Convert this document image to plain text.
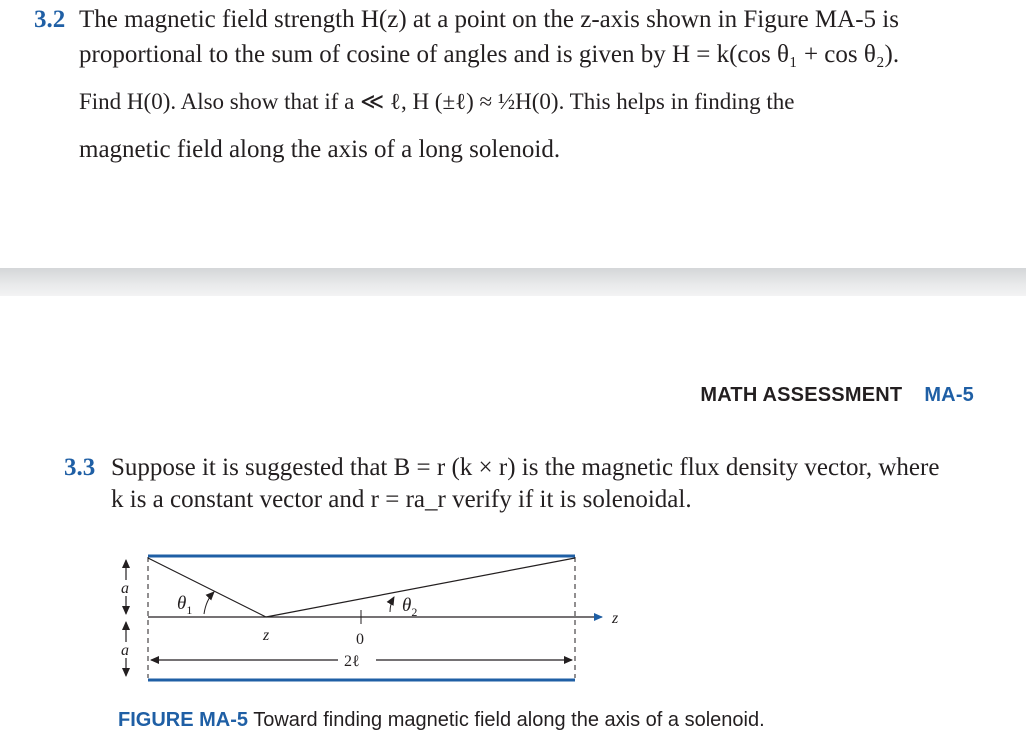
3.2 The magnetic field strength H(z) at a point on the z-axis shown in Figure MA-5 is
proportional to the sum of cosine of angles and is given by H = k(cos θ₁ + cos θ₂).
Find H(0). Also show that if a ≪ ℓ, H (±ℓ) ≈ ½H(0). This helps in finding the
magnetic field along the axis of a long solenoid.
MATH ASSESSMENT MA-5
3.3 Suppose it is suggested that B = r (k × r) is the magnetic flux density vector, where
k is a constant vector and r = ra_r verify if it is solenoidal.
z
a
a
z
$\theta_1$	$\theta_2$
0
2ℓ
FIGURE MA-5 Toward finding magnetic field along the axis of a solenoid.
